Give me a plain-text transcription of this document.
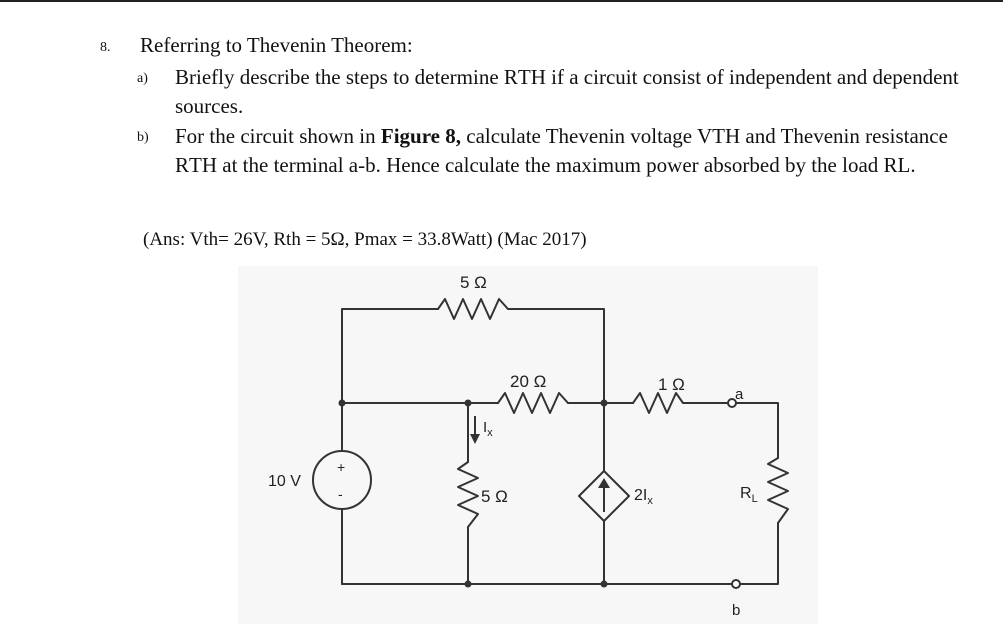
8. Referring to Thevenin Theorem:
a) Briefly describe the steps to determine RTH if a circuit consist of independent and dependent sources.
b) For the circuit shown in Figure 8, calculate Thevenin voltage VTH and Thevenin resistance RTH at the terminal a-b. Hence calculate the maximum power absorbed by the load RL.
(Ans: Vth= 26V, Rth = 5Ω, Pmax = 33.8Watt) (Mac 2017)
5 Ω
20 Ω	1 Ω
5 Ω
10 V
+
-
$I_x$
$2I_x$
a
b
$R_L$
